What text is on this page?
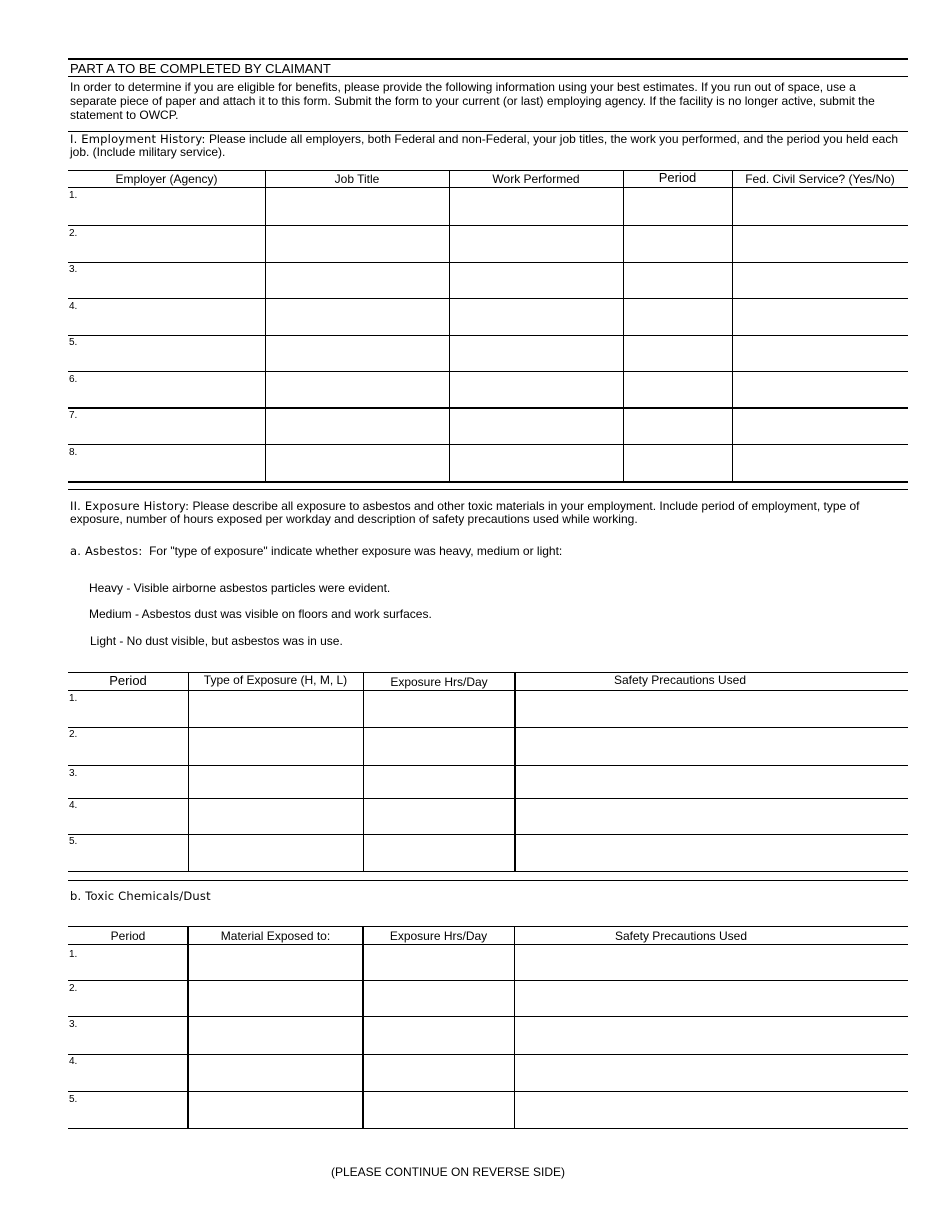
PART A TO BE COMPLETED BY CLAIMANT
In order to determine if you are eligible for benefits, please provide the following information using your best estimates. If you run out of space, use a separate piece of paper and attach it to this form. Submit the form to your current (or last) employing agency. If the facility is no longer active, submit the statement to OWCP.
I. Employment History: Please include all employers, both Federal and non-Federal, your job titles, the work you performed, and the period you held each job. (Include military service).
Employer (Agency)	Job Title	Work Performed	Period	Fed. Civil Service? (Yes/No)
1.
2.
3.
4.
5.
6.
7.
8.
II. Exposure History: Please describe all exposure to asbestos and other toxic materials in your employment. Include period of employment, type of exposure, number of hours exposed per workday and description of safety precautions used while working.
a. Asbestos: For "type of exposure" indicate whether exposure was heavy, medium or light:
Heavy - Visible airborne asbestos particles were evident.
Medium - Asbestos dust was visible on floors and work surfaces.
Light - No dust visible, but asbestos was in use.
Period	Type of Exposure (H, M, L)	Exposure Hrs/Day	Safety Precautions Used
1.
2.
3.
4.
5.
b. Toxic Chemicals/Dust
Period	Material Exposed to:	Exposure Hrs/Day	Safety Precautions Used
1.
2.
3.
4.
5.
(PLEASE CONTINUE ON REVERSE SIDE)
